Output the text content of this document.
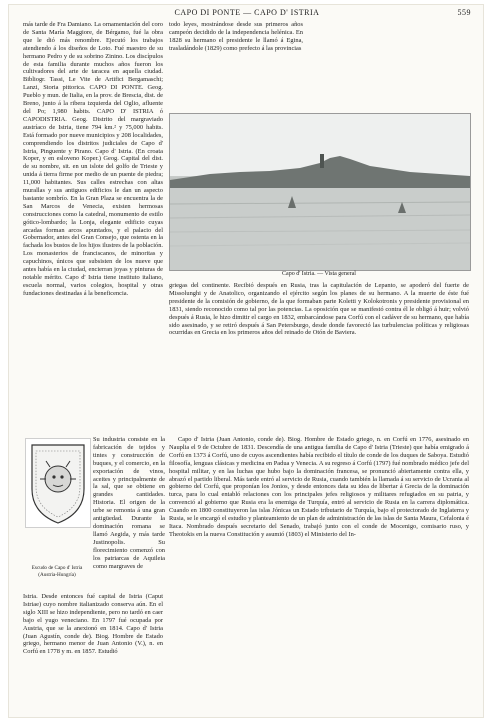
CAPO DI PONTE — CAPO D' ISTRIA	559

más tarde de Fra Damiano. La ornamentación del coro de Santa María Maggiore, de Bérgamo, fué la obra que le dió más renombre. Ejecutó los trabajos atendiendo á los diseños de Loto. Fué maestro de su hermano Pedro y de su sobrino Zinino. Los discípulos de esta familia durante muchos años fueron los cultivadores del arte de taracea en aquella ciudad. Bibliogr. Tassi, Le Vite de Artifici Bergamaschi; Lanzi, Storia pittorica. CAPO DI PONTE. Geog. Pueblo y mun. de Italia, en la prov. de Brescia, dist. de Breno, junto á la ribera izquierda del Oglio, afluente del Po; 1,980 habits. CAPO D' ISTRIA ó CAPODISTRIA. Geog. Distrito del margraviado austríaco de Istria, tiene 794 km.² y 75,000 habits. Está formado por nueve municipios y 208 localidades, comprendiendo los distritos judiciales de Capo d' Istria, Pinguente y Pirano. Capo d' Istria. (En croata Koper, y en esloveno Koper.) Geog. Capital del dist. de su nombre, sit. en un islote del golfo de Trieste y unida á tierra firme por medio de un puente de piedra; 11,000 habitantes. Sus calles estrechas con altas murallas y sus antiguos edificios le dan un aspecto bastante sombrío. En la Gran Plaza se encuentra la de San Marcos de Venecia, existen hermosas construcciones como la catedral, monumento de estilo gótico-lombardo; la Lonja, elegante edificio cuyas arcadas forman arcos apuntados, y el palacio del Gobernador, antes del Gran Consejo, que ostenta en la fachada los bustos de los hijos ilustres de la población. Los monasterios de franciscanos, de minoritas y capuchinos, únicos que subsisten de los nueve que antes había en la ciudad, encierran joyas y pinturas de notable mérito. Capo d' Istria tiene instituto italiano, escuela normal, varios colegios, hospital y otras fundaciones destinadas á la beneficencia.

todo leyes, mostrándose desde sus primeros años campeón decidido de la independencia helénica. En 1828 su hermano el presidente le llamó á Egina, trasladándole (1829) como prefecto á las provincias

Capo d' Istria. — Vista general

griegas del continente. Recibió después en Rusia, tras la capitulación de Lepanto, se apoderó del fuerte de Missolunghi y de Anatolico, organizando el ejército según los planes de su hermano. A la muerte de éste fué presidente de la comisión de gobierno, de la que formaban parte Koletti y Kolokotronis y presidente provisional en 1831, siendo reconocido como tal por las potencias. La oposición que se manifestó contra él le obligó á huir; volvió después á Rusia, le hizo dimitir el cargo en 1832, embarcándose para Corfú con el cadáver de su hermano, que había sido asesinado, y se retiró después á San Petersburgo, desde donde favoreció las turbulencias políticas y religiosas ocurridas en Grecia en los primeros años del reinado de Otón de Baviera.

Escudo de Capo d' Istria (Austria-Hungría)

Su industria consiste en la fabricación de tejidos y tintes y construcción de buques, y el comercio, en la exportación de vinos, aceites y principalmente de la sal, que se obtiene en grandes cantidades. Historia. El origen de la urbe se remonta á una gran antigüedad. Durante la dominación romana se llamó Aegida, y más tarde Justinopolis. Su florecimiento comenzó con los patriarcas de Aquileia como margraves de

Istria. Desde entonces fué capital de Istria (Caput Istriae) cuyo nombre italianizado conserva aún. En el siglo XIII se hizo independiente, pero no tardó en caer bajo el yugo veneciano. En 1797 fué ocupada por Austria, que se la anexionó en 1814. Capo d' Istria (Juan Agustín, conde de). Biog. Hombre de Estado griego, hermano menor de Juan Antonio (V.), n. en Corfú en 1778 y m. en 1857. Estudió

Capo d' Istria (Juan Antonio, conde de). Biog. Hombre de Estado griego, n. en Corfú en 1776, asesinado en Nauplia el 9 de Octubre de 1831. Descendía de una antigua familia de Capo d' Istria (Trieste) que había emigrado á Corfú en 1373 á Corfú, uno de cuyos ascendientes había recibido el título de conde de los duques de Saboya. Estudió filosofía, lenguas clásicas y medicina en Padua y Venecia. A su regreso á Corfú (1797) fué nombrado médico jefe del hospital militar, y en las luchas que hubo bajo la dominación francesa, se pronunció abiertamente contra ella, y abrazó el partido liberal. Más tarde entró al servicio de Rusia, cuando también la llamada á su servicio de Ucrania al gobierno del Corfú, que proponían los Jonios, y desde entonces data su idea de libertar á Grecia de la dominación turca, para lo cual entabló relaciones con los principales jefes religiosos y militares refugiados en su patria, y convenció al gobierno que Rusia era la enemiga de Turquía, entró al servicio de Rusia en la carrera diplomática. Cuando en 1800 constituyeron las islas Jónicas un Estado tributario de Turquía, bajo el protectorado de Inglaterra y Rusia, se le encargó el estudio y planteamiento de un plan de administración de las islas de Santa Maura, Cefalonia é Itaca. Nombrado después secretario del Senado, trabajó junto con el conde de Mocenigo, comisario ruso, y Theotokis en la nueva Constitución y asumió (1803) el Ministerio del In-
